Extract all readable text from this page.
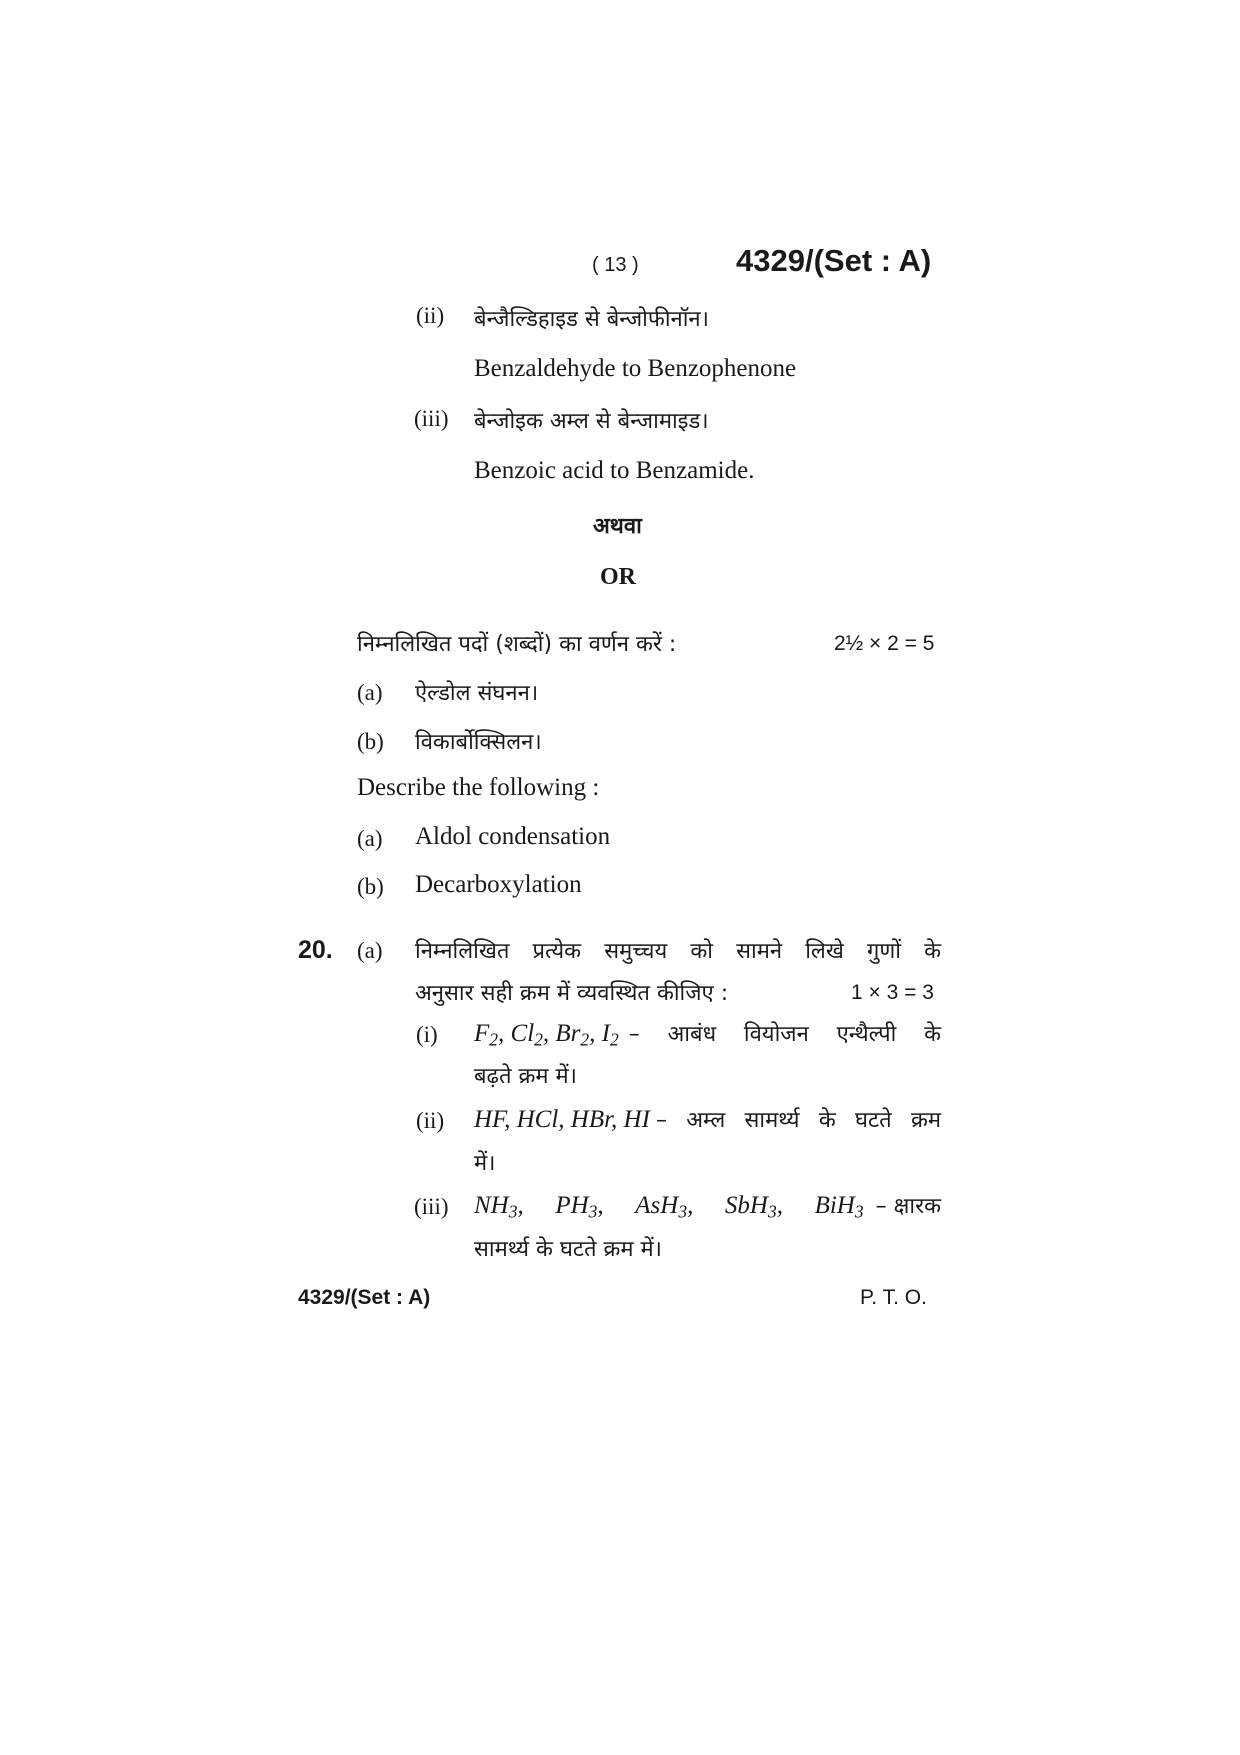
( 13 )	4329/(Set : A)
(ii) बेन्जैल्डिहाइड से बेन्जोफीनॉन।
Benzaldehyde to Benzophenone
(iii) बेन्जोइक अम्ल से बेन्जामाइड।
Benzoic acid to Benzamide.
अथवा
OR
निम्नलिखित पदों (शब्दों) का वर्णन करें :	2½ × 2 = 5
(a) ऐल्डोल संघनन।
(b) विकार्बोक्सिलन।
Describe the following :
(a) Aldol condensation
(b) Decarboxylation
20. (a) निम्नलिखित प्रत्येक समुच्चय को सामने लिखे गुणों के
अनुसार सही क्रम में व्यवस्थित कीजिए :	1 × 3 = 3
(i) $F_2$, $Cl_2$, $Br_2$, $I_2$ – आबंध वियोजन एन्थैल्पी के
बढ़ते क्रम में।
(ii) HF, HCl, HBr, HI – अम्ल सामर्थ्य के घटते क्रम
में।
(iii) $NH_3$, $PH_3$, AsH$_3$, SbH$_3$, BiH$_3$ – क्षारक
सामर्थ्य के घटते क्रम में।
4329/(Set : A)	P. T. O.
